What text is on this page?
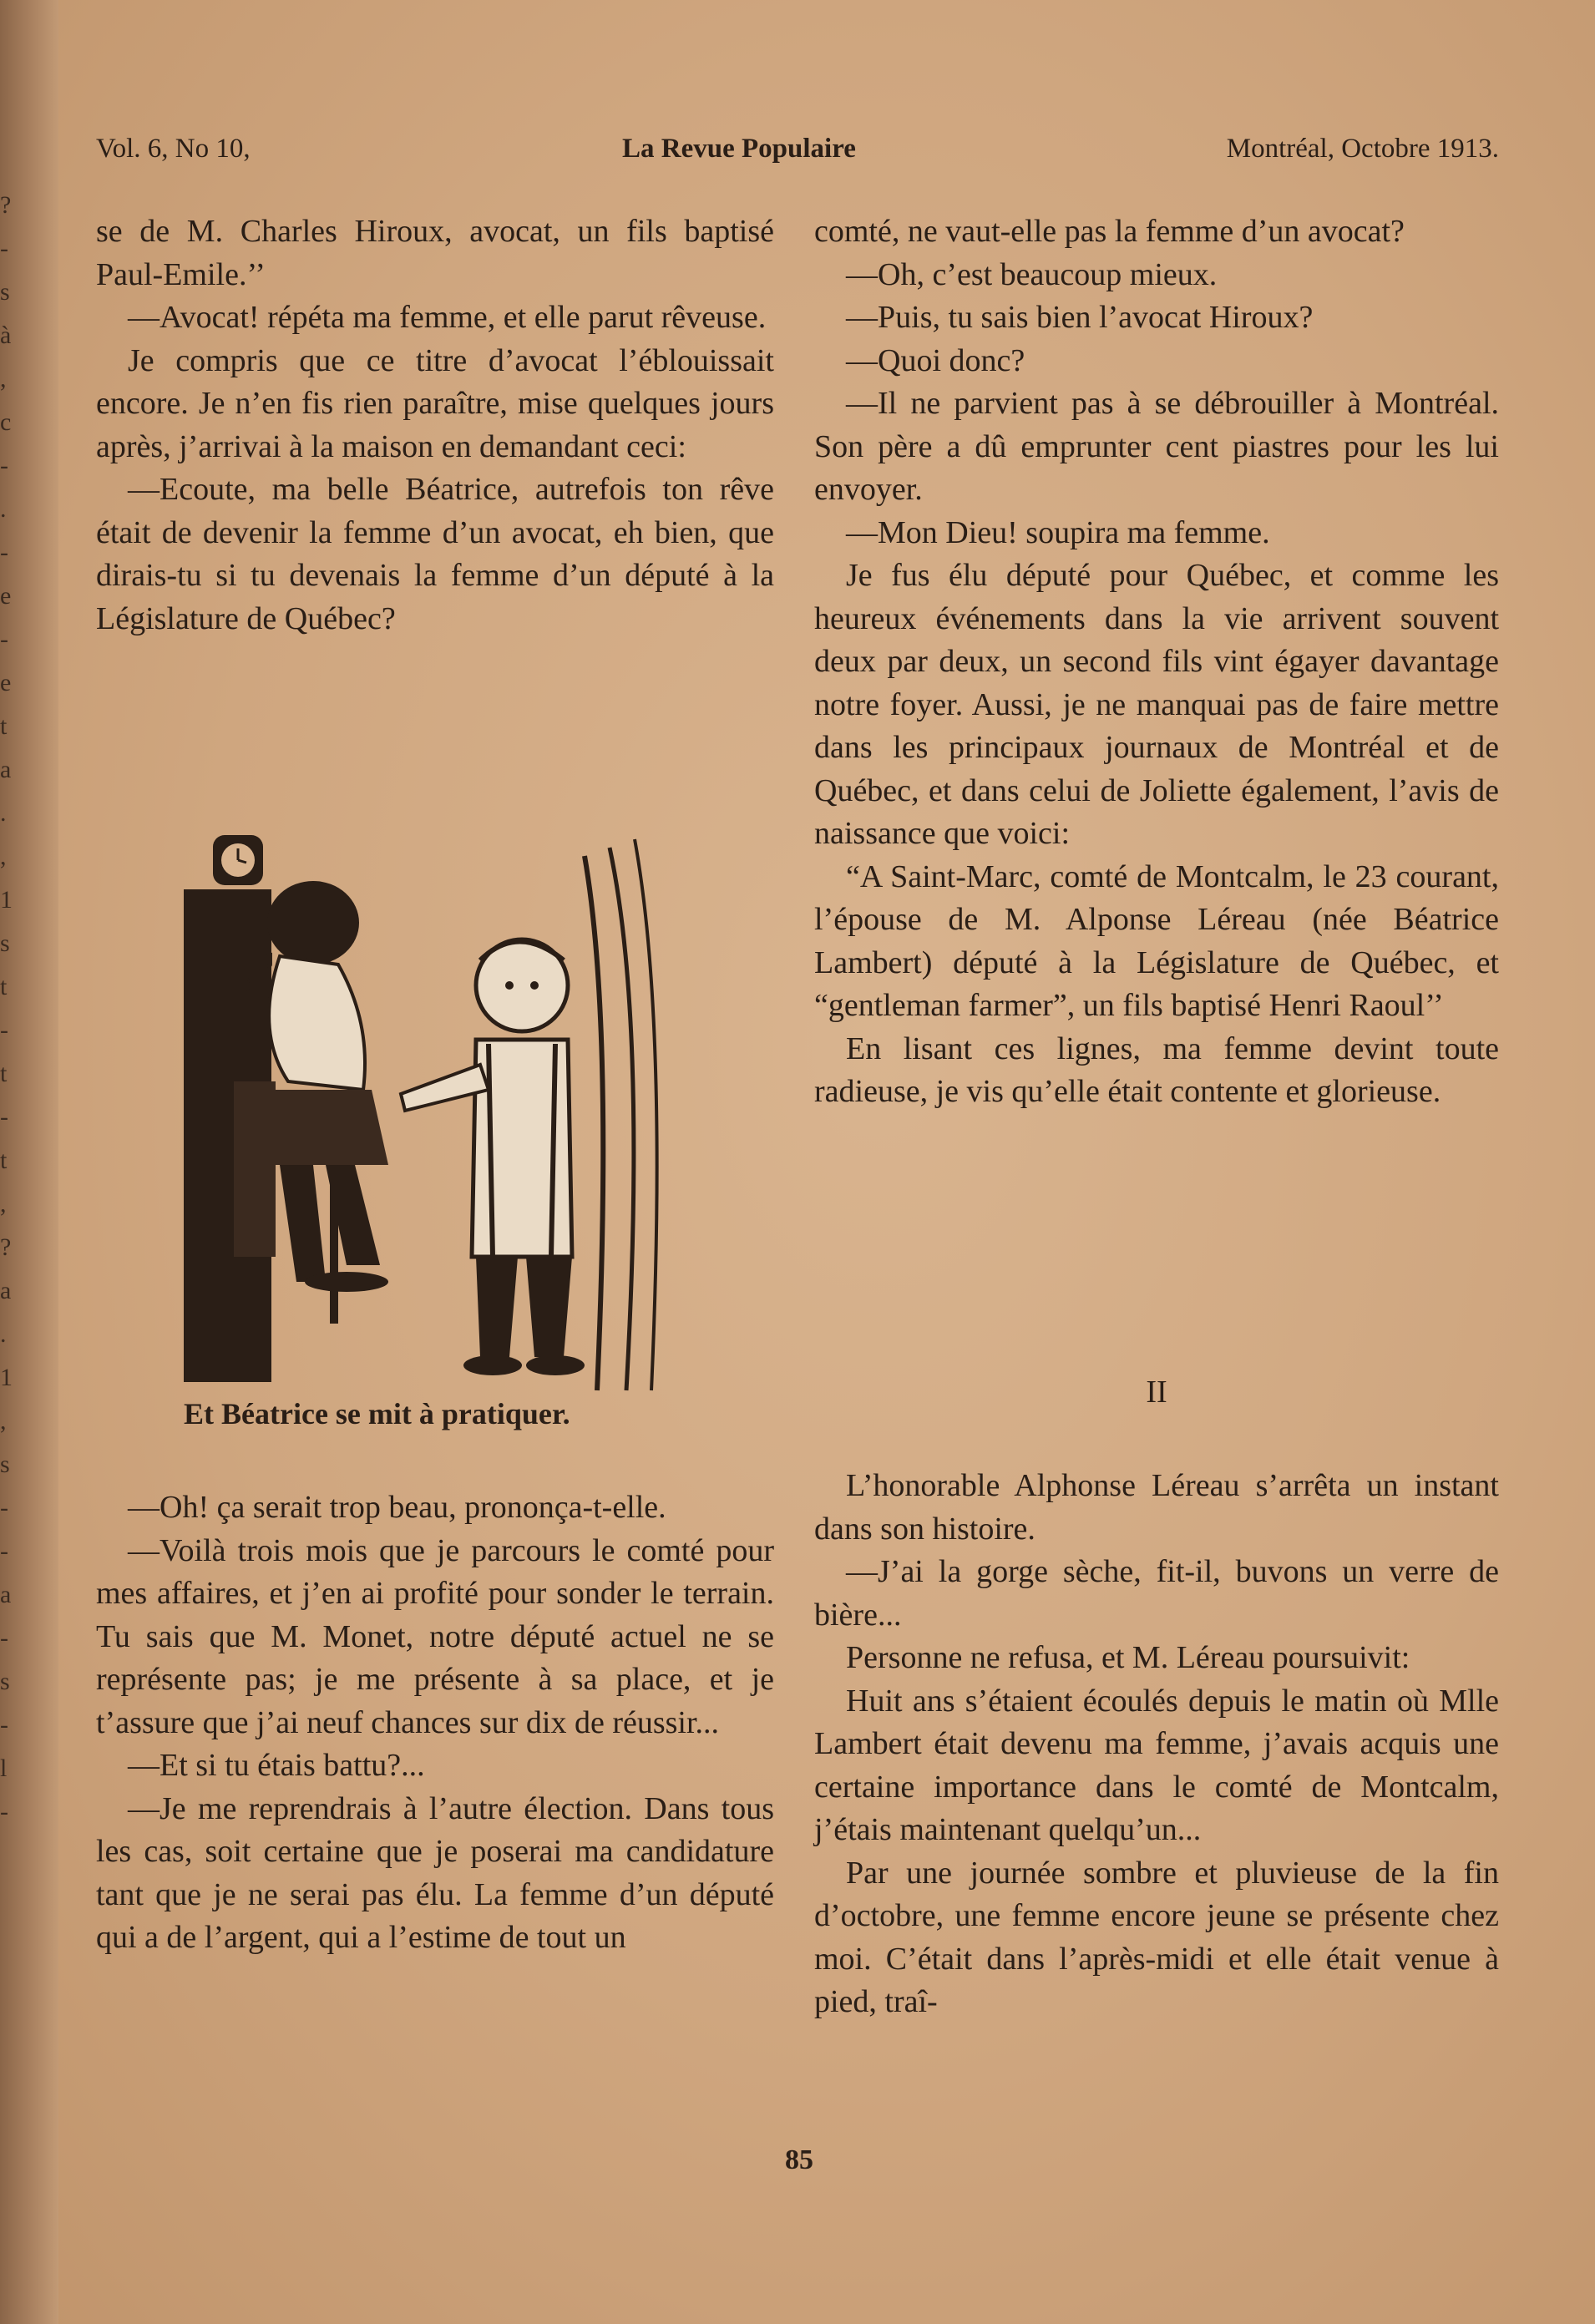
?
-
s
à
,
c
-
.
-
e
-
e
t
a
.
,
1
s
t
-
t
-
t
,
?
a
.
1
,
s
-
-
a
-
s
-
l
-
Vol. 6, No 10,	La Revue Populaire	Montréal, Octobre 1913.

se de M. Charles Hiroux, avocat, un fils baptisé Paul-Emile.’’

—Avocat! répéta ma femme, et elle parut rêveuse.

Je compris que ce titre d’avocat l’éblouissait encore. Je n’en fis rien paraître, mise quelques jours après, j’arrivai à la maison en demandant ceci:

—Ecoute, ma belle Béatrice, autrefois ton rêve était de devenir la femme d’un avocat, eh bien, que dirais-tu si tu devenais la femme d’un député à la Législature de Québec?

♪
♫
Et Béatrice se mit à pratiquer.

—Oh! ça serait trop beau, prononça-t-elle.

—Voilà trois mois que je parcours le comté pour mes affaires, et j’en ai profité pour sonder le terrain. Tu sais que M. Monet, notre député actuel ne se représente pas; je me présente à sa place, et je t’assure que j’ai neuf chances sur dix de réussir...

—Et si tu étais battu?...

—Je me reprendrais à l’autre élection. Dans tous les cas, soit certaine que je poserai ma candidature tant que je ne serai pas élu. La femme d’un député qui a de l’argent, qui a l’estime de tout un

comté, ne vaut-elle pas la femme d’un avocat?

—Oh, c’est beaucoup mieux.

—Puis, tu sais bien l’avocat Hiroux?

—Quoi donc?

—Il ne parvient pas à se débrouiller à Montréal. Son père a dû emprunter cent piastres pour les lui envoyer.

—Mon Dieu! soupira ma femme.

Je fus élu député pour Québec, et comme les heureux événements dans la vie arrivent souvent deux par deux, un second fils vint égayer davantage notre foyer. Aussi, je ne manquai pas de faire mettre dans les principaux journaux de Montréal et de Québec, et dans celui de Joliette également, l’avis de naissance que voici:

“A Saint-Marc, comté de Montcalm, le 23 courant, l’épouse de M. Alponse Léreau (née Béatrice Lambert) député à la Législature de Québec, et “gentleman farmer”, un fils baptisé Henri Raoul’’

En lisant ces lignes, ma femme devint toute radieuse, je vis qu’elle était contente et glorieuse.

II

L’honorable Alphonse Léreau s’arrêta un instant dans son histoire.

—J’ai la gorge sèche, fit-il, buvons un verre de bière...

Personne ne refusa, et M. Léreau poursuivit:

Huit ans s’étaient écoulés depuis le matin où Mlle Lambert était devenu ma femme, j’avais acquis une certaine importance dans le comté de Montcalm, j’étais maintenant quelqu’un...

Par une journée sombre et pluvieuse de la fin d’octobre, une femme encore jeune se présente chez moi. C’était dans l’après-midi et elle était venue à pied, traî-

85
